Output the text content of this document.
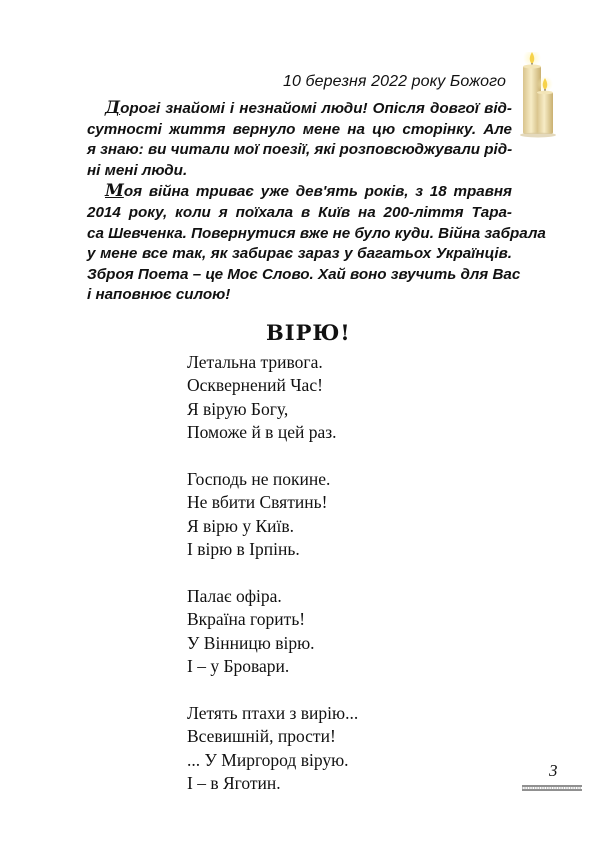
10 березня 2022 року Божого

Дорогі знайомі і незнайомі люди! Опісля довгої від-
сутності життя вернуло мене на цю сторінку. Але
я знаю: ви читали мої поезії, які розповсюджували рід-
ні мені люди.

Моя війна триває уже дев'ять років, з 18 травня
2014 року, коли я поїхала в Київ на 200-ліття Тара-
са Шевченка. Повернутися вже не було куди. Війна забрала
у мене все так, як забирає зараз у багатьох Українців.
Зброя Поета – це Моє Слово. Хай воно звучить для Вас
і наповнює силою!

ВІРЮ!
Летальна тривога.
Осквернений Час!
Я вірую Богу,
Поможе й в цей раз.
Господь не покине.
Не вбити Святинь!
Я вірю у Київ.
І вірю в Ірпінь.
Палає офіра.
Вкраїна горить!
У Вінницю вірю.
І – у Бровари.
Летять птахи з вирію...
Всевишній, прости!
... У Миргород вірую.
І – в Яготин.
3
